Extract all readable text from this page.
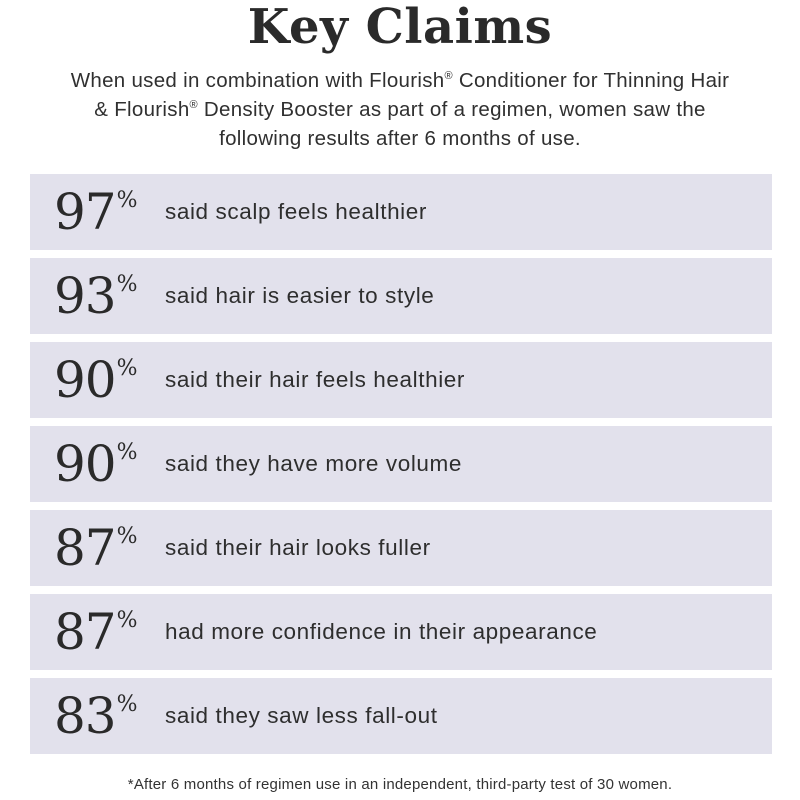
Key Claims
When used in combination with Flourish® Conditioner for Thinning Hair
& Flourish® Density Booster as part of a regimen, women saw the
following results after 6 months of use.
97 % said scalp feels healthier
93 % said hair is easier to style
90 % said their hair feels healthier
90 % said they have more volume
87 % said their hair looks fuller
87 % had more confidence in their appearance
83 % said they saw less fall-out
*After 6 months of regimen use in an independent, third-party test of 30 women.
